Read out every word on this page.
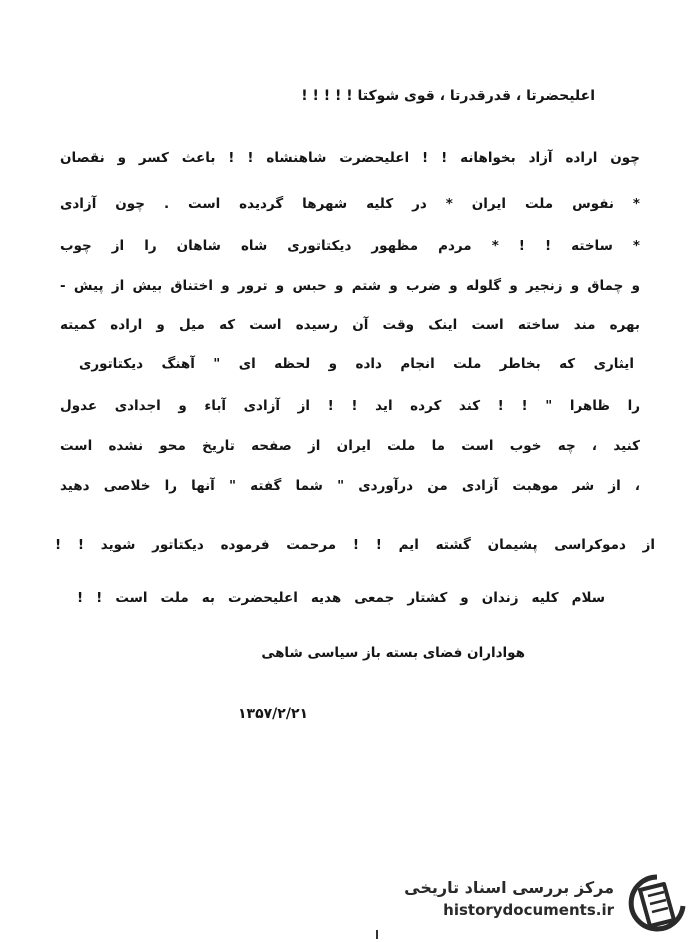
اعلیحضرتا ، قدرقدرتا ، قوی شوکتا ! ! ! ! !
چون اراده آزاد بخواهانه ! ! اعلیحضرت شاهنشاه ! ! باعث کسر و نقصان
* نفوس ملت ایران * در کلیه شهرها گردیده است . چون آزادی
* ساخته ! ! * مردم مظهور دیکتاتوری شاه شاهان را از چوب
و چماق و زنجیر و گلوله و ضرب و شتم و حبس و ترور و اختناق بیش از پیش -
بهره مند ساخته است اینک وقت آن رسیده است که میل و اراده کمیته
ایثاری که بخاطر ملت انجام داده و لحظه ای " آهنگ دیکتاتوری
را ظاهرا " ! ! کند کرده اید ! ! از آزادی آباء و اجدادی عدول
کنید ، چه خوب است ما ملت ایران از صفحه تاریخ محو نشده است
، از شر موهبت آزادی من درآوردی " شما گفته " آنها را خلاصی دهید
از دموکراسی پشیمان گشته ایم ! ! مرحمت فرموده دیکتاتور شوید ! !
سلام کلیه زندان و کشتار جمعی هدیه اعلیحضرت به ملت است ! !
هواداران فضای بسته باز سیاسی شاهی
۱۳۵۷/۲/۲۱
مرکز بررسی اسناد تاریخی
historydocuments.ir
